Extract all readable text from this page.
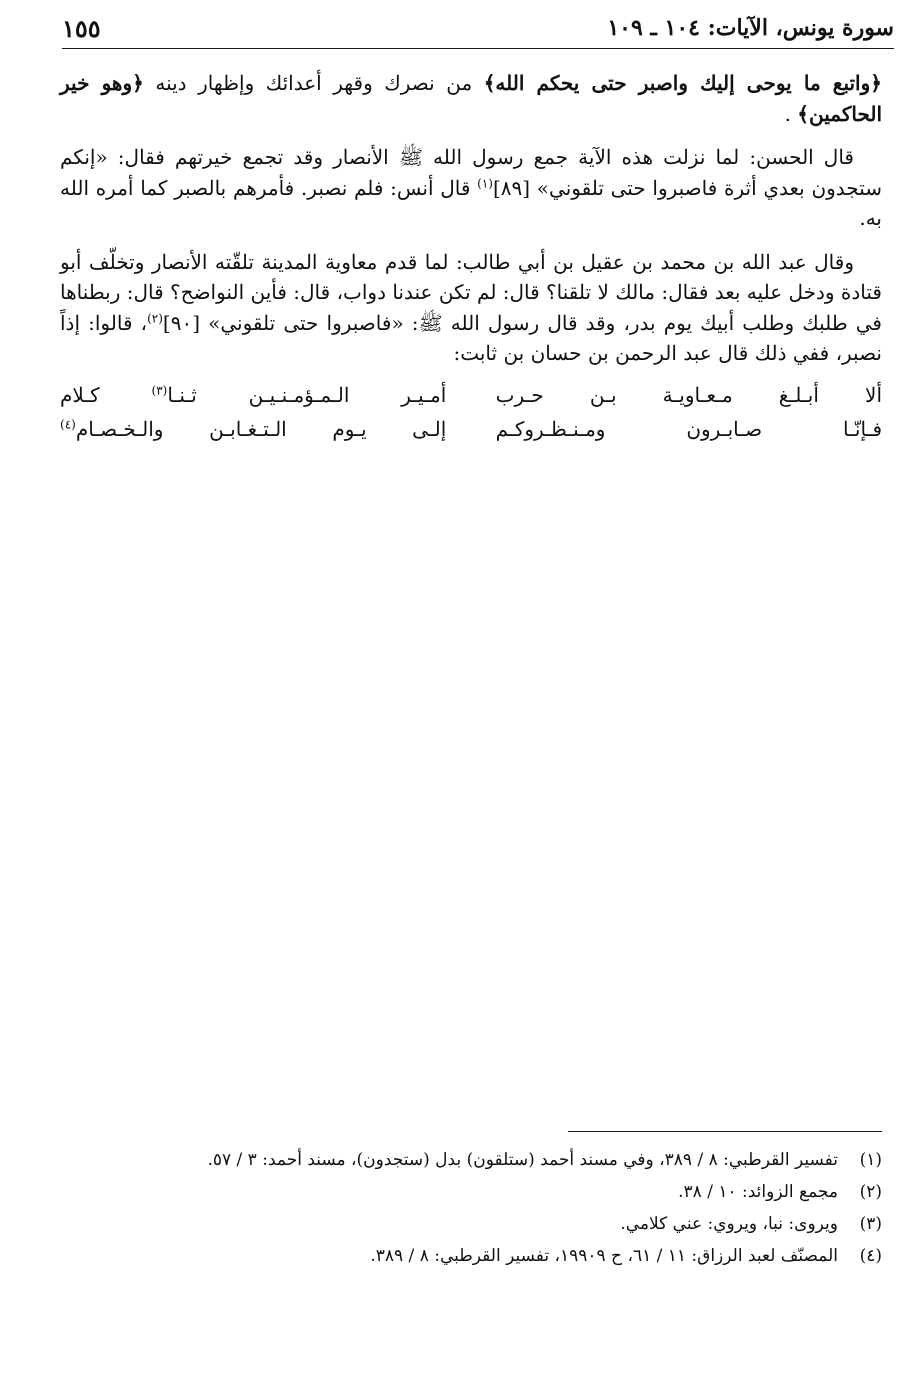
سورة يونس، الآيات: ١٠٤ ـ ١٠٩
١٥٥

﴿واتبع ما يوحى إليك واصبر حتى يحكم الله﴾ من نصرك وقهر أعدائك وإظهار دينه ﴿وهو خير الحاكمين﴾ .

قال الحسن: لما نزلت هذه الآية جمع رسول الله ﷺ الأنصار وقد تجمع خيرتهم فقال: «إنكم ستجدون بعدي أثرة فاصبروا حتى تلقوني» [٨٩]$^{(١)}$ قال أنس: فلم نصبر. فأمرهم بالصبر كما أمره الله به.

وقال عبد الله بن محمد بن عقيل بن أبي طالب: لما قدم معاوية المدينة تلقّته الأنصار وتخلّف أبو قتادة ودخل عليه بعد فقال: مالك لا تلقنا؟ قال: لم تكن عندنا دواب، قال: فأين النواضح؟ قال: ربطناها في طلبك وطلب أبيك يوم بدر، وقد قال رسول الله ﷺ: «فاصبروا حتى تلقوني» [٩٠]$^{(٢)}$، قالوا: إذاً نصبر، ففي ذلك قال عبد الرحمن بن حسان بن ثابت:

ألا أبـلـغ مـعـاويـة بـن حـرب
أمـيـر الـمـؤمـنـيـن ثـنـا$^{(٣)}$ كـلام
فـإنّـا صـابـرون ومـنـظـروكـم
إلـى يـوم الـتـغـابـن والـخـصـام$^{(٤)}$
(١)
تفسير القرطبي: ٨ / ٣٨٩، وفي مسند أحمد (ستلقون) بدل (ستجدون)، مسند أحمد: ٣ / ٥٧.
(٢)
مجمع الزوائد: ١٠ / ٣٨.
(٣)
ويروى: نبا، ويروي: عني كلامي.
(٤)
المصنّف لعبد الرزاق: ١١ / ٦١، ح ١٩٩٠٩، تفسير القرطبي: ٨ / ٣٨٩.
